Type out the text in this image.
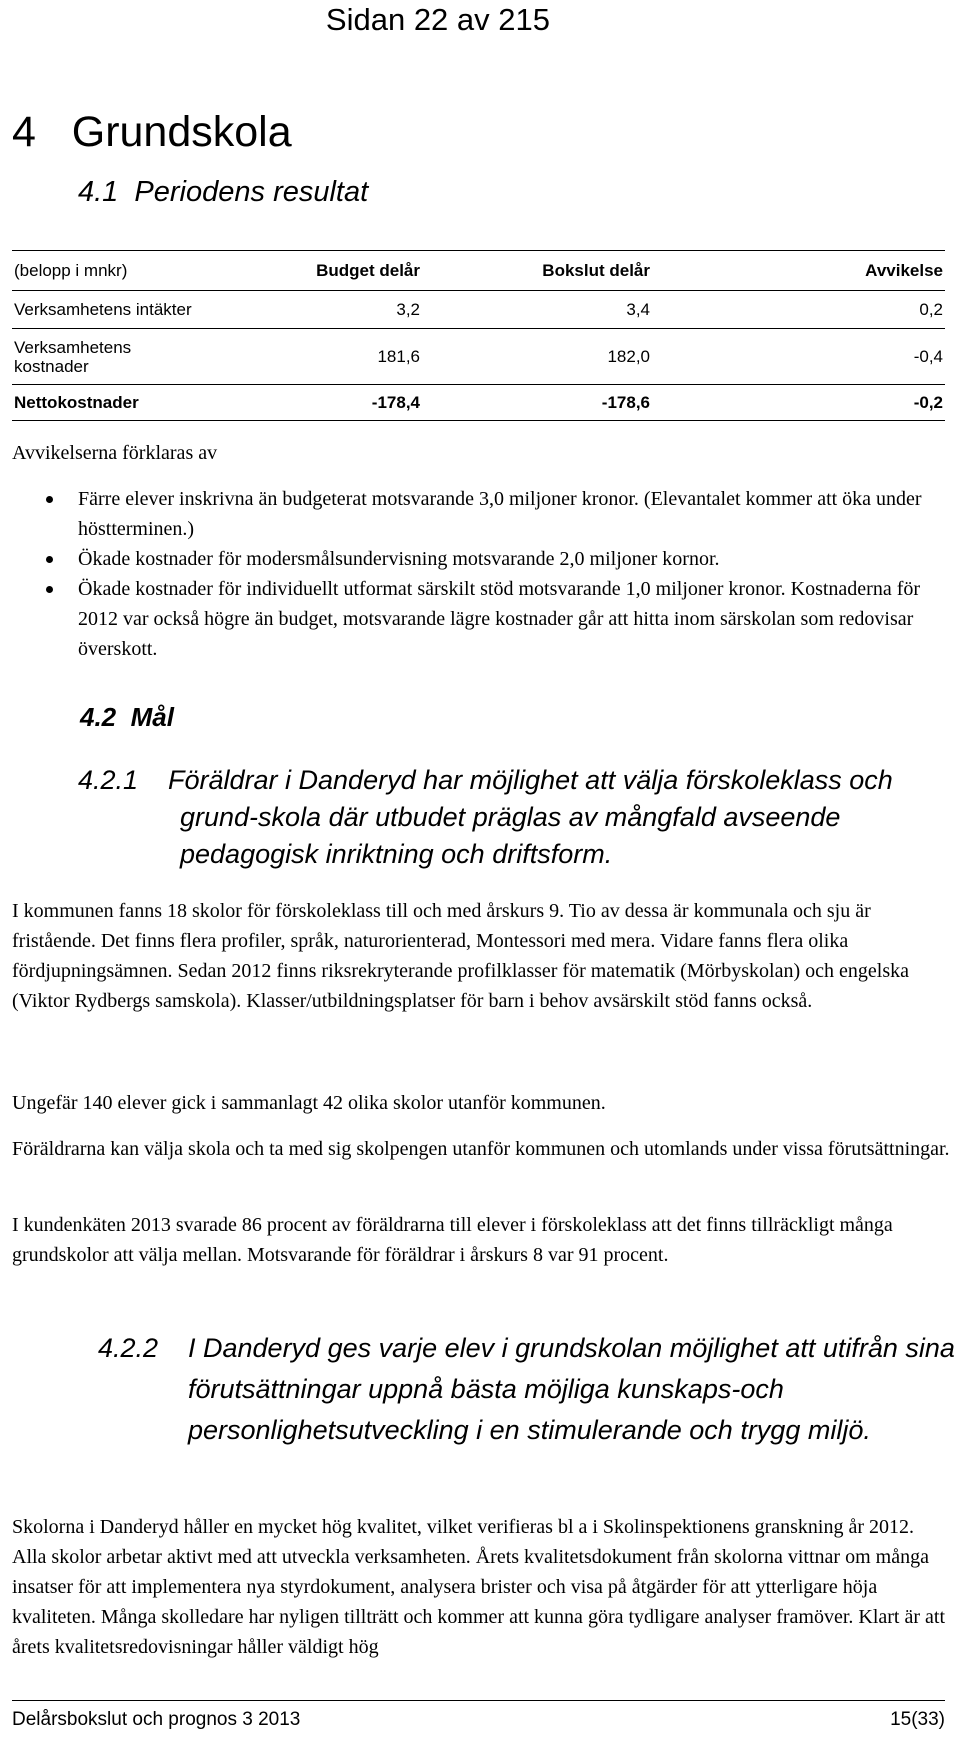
Sidan 22 av 215
4   Grundskola
4.1  Periodens resultat
(belopp i mnkr)	Budget delår	Bokslut delår	Avvikelse
Verksamhetens intäkter	3,2	3,4	0,2
Verksamhetens kostnader	181,6	182,0	-0,4
Nettokostnader	-178,4	-178,6	-0,2
Avvikelserna förklaras av
Färre elever inskrivna än budgeterat motsvarande 3,0 miljoner kronor. (Elevantalet kommer att öka under höstterminen.)
Ökade kostnader för modersmålsundervisning motsvarande 2,0 miljoner kornor.
Ökade kostnader för individuellt utformat särskilt stöd motsvarande 1,0 miljoner kronor. Kostnaderna för 2012 var också högre än budget, motsvarande lägre kostnader går att hitta inom särskolan som redovisar överskott.
4.2  Mål
4.2.1	Föräldrar i Danderyd har möjlighet att välja förskoleklass och grund-skola där utbudet präglas av mångfald avseende pedagogisk inriktning och driftsform.
I kommunen fanns 18 skolor för förskoleklass till och med årskurs 9. Tio av dessa är kommunala och sju är fristående. Det finns flera profiler, språk, naturorienterad, Montessori med mera. Vidare fanns flera olika fördjupningsämnen. Sedan 2012 finns riksrekryterande profilklasser för matematik (Mörbyskolan) och engelska (Viktor Rydbergs samskola). Klasser/utbildningsplatser för barn i behov avsärskilt stöd fanns också.
Ungefär 140 elever gick i sammanlagt 42 olika skolor utanför kommunen.
Föräldrarna kan välja skola och ta med sig skolpengen utanför kommunen och utomlands under vissa förutsättningar.
I kundenkäten 2013 svarade 86 procent av föräldrarna till elever i förskoleklass att det finns tillräckligt många grundskolor att välja mellan. Motsvarande för föräldrar i årskurs 8 var 91 procent.
4.2.2	I Danderyd ges varje elev i grundskolan möjlighet att utifrån sina förutsättningar uppnå bästa möjliga kunskaps-och personlighetsutveckling i en stimulerande och trygg miljö.
Skolorna i Danderyd håller en mycket hög kvalitet, vilket verifieras bl a i Skolinspektionens granskning år 2012. Alla skolor arbetar aktivt med att utveckla verksamheten. Årets kvalitetsdokument från skolorna vittnar om många insatser för att implementera nya styrdokument, analysera brister och visa på åtgärder för att ytterligare höja kvaliteten. Många skolledare har nyligen tillträtt och kommer att kunna göra tydligare analyser framöver. Klart är att årets kvalitetsredovisningar håller väldigt hög
Delårsbokslut och prognos 3 2013	15(33)
